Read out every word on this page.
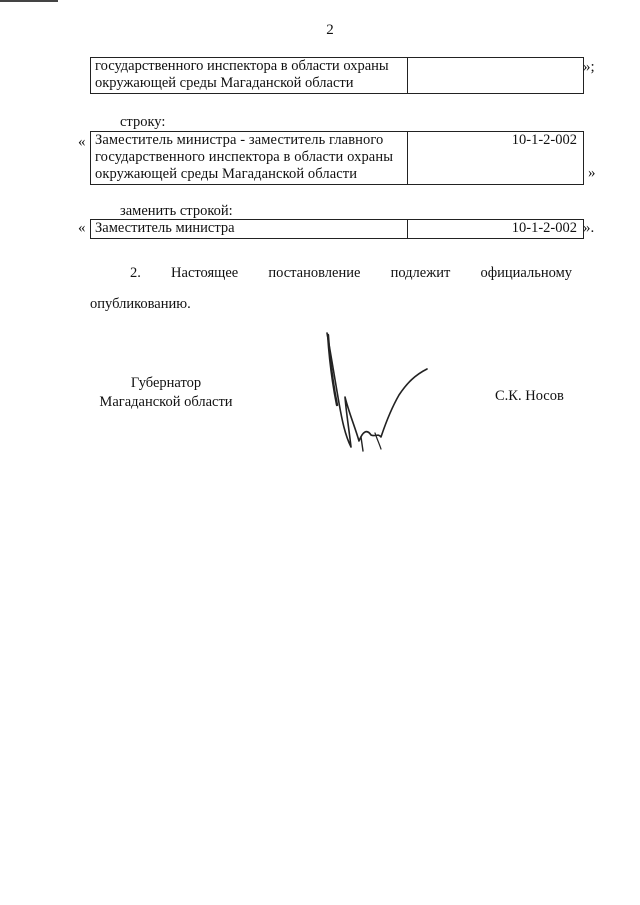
2
государственного инспектора в области охраны
окружающей среды Магаданской области

»;
строку:
« Заместитель министра - заместитель главного
государственного инспектора в области охраны
окружающей среды Магаданской области
	10-1-2-002
»
заменить строкой:
« Заместитель министра	10-1-2-002 ».
2. Настоящее постановление подлежит официальному
опубликованию.
Губернатор
Магаданской области	С.К. Носов
